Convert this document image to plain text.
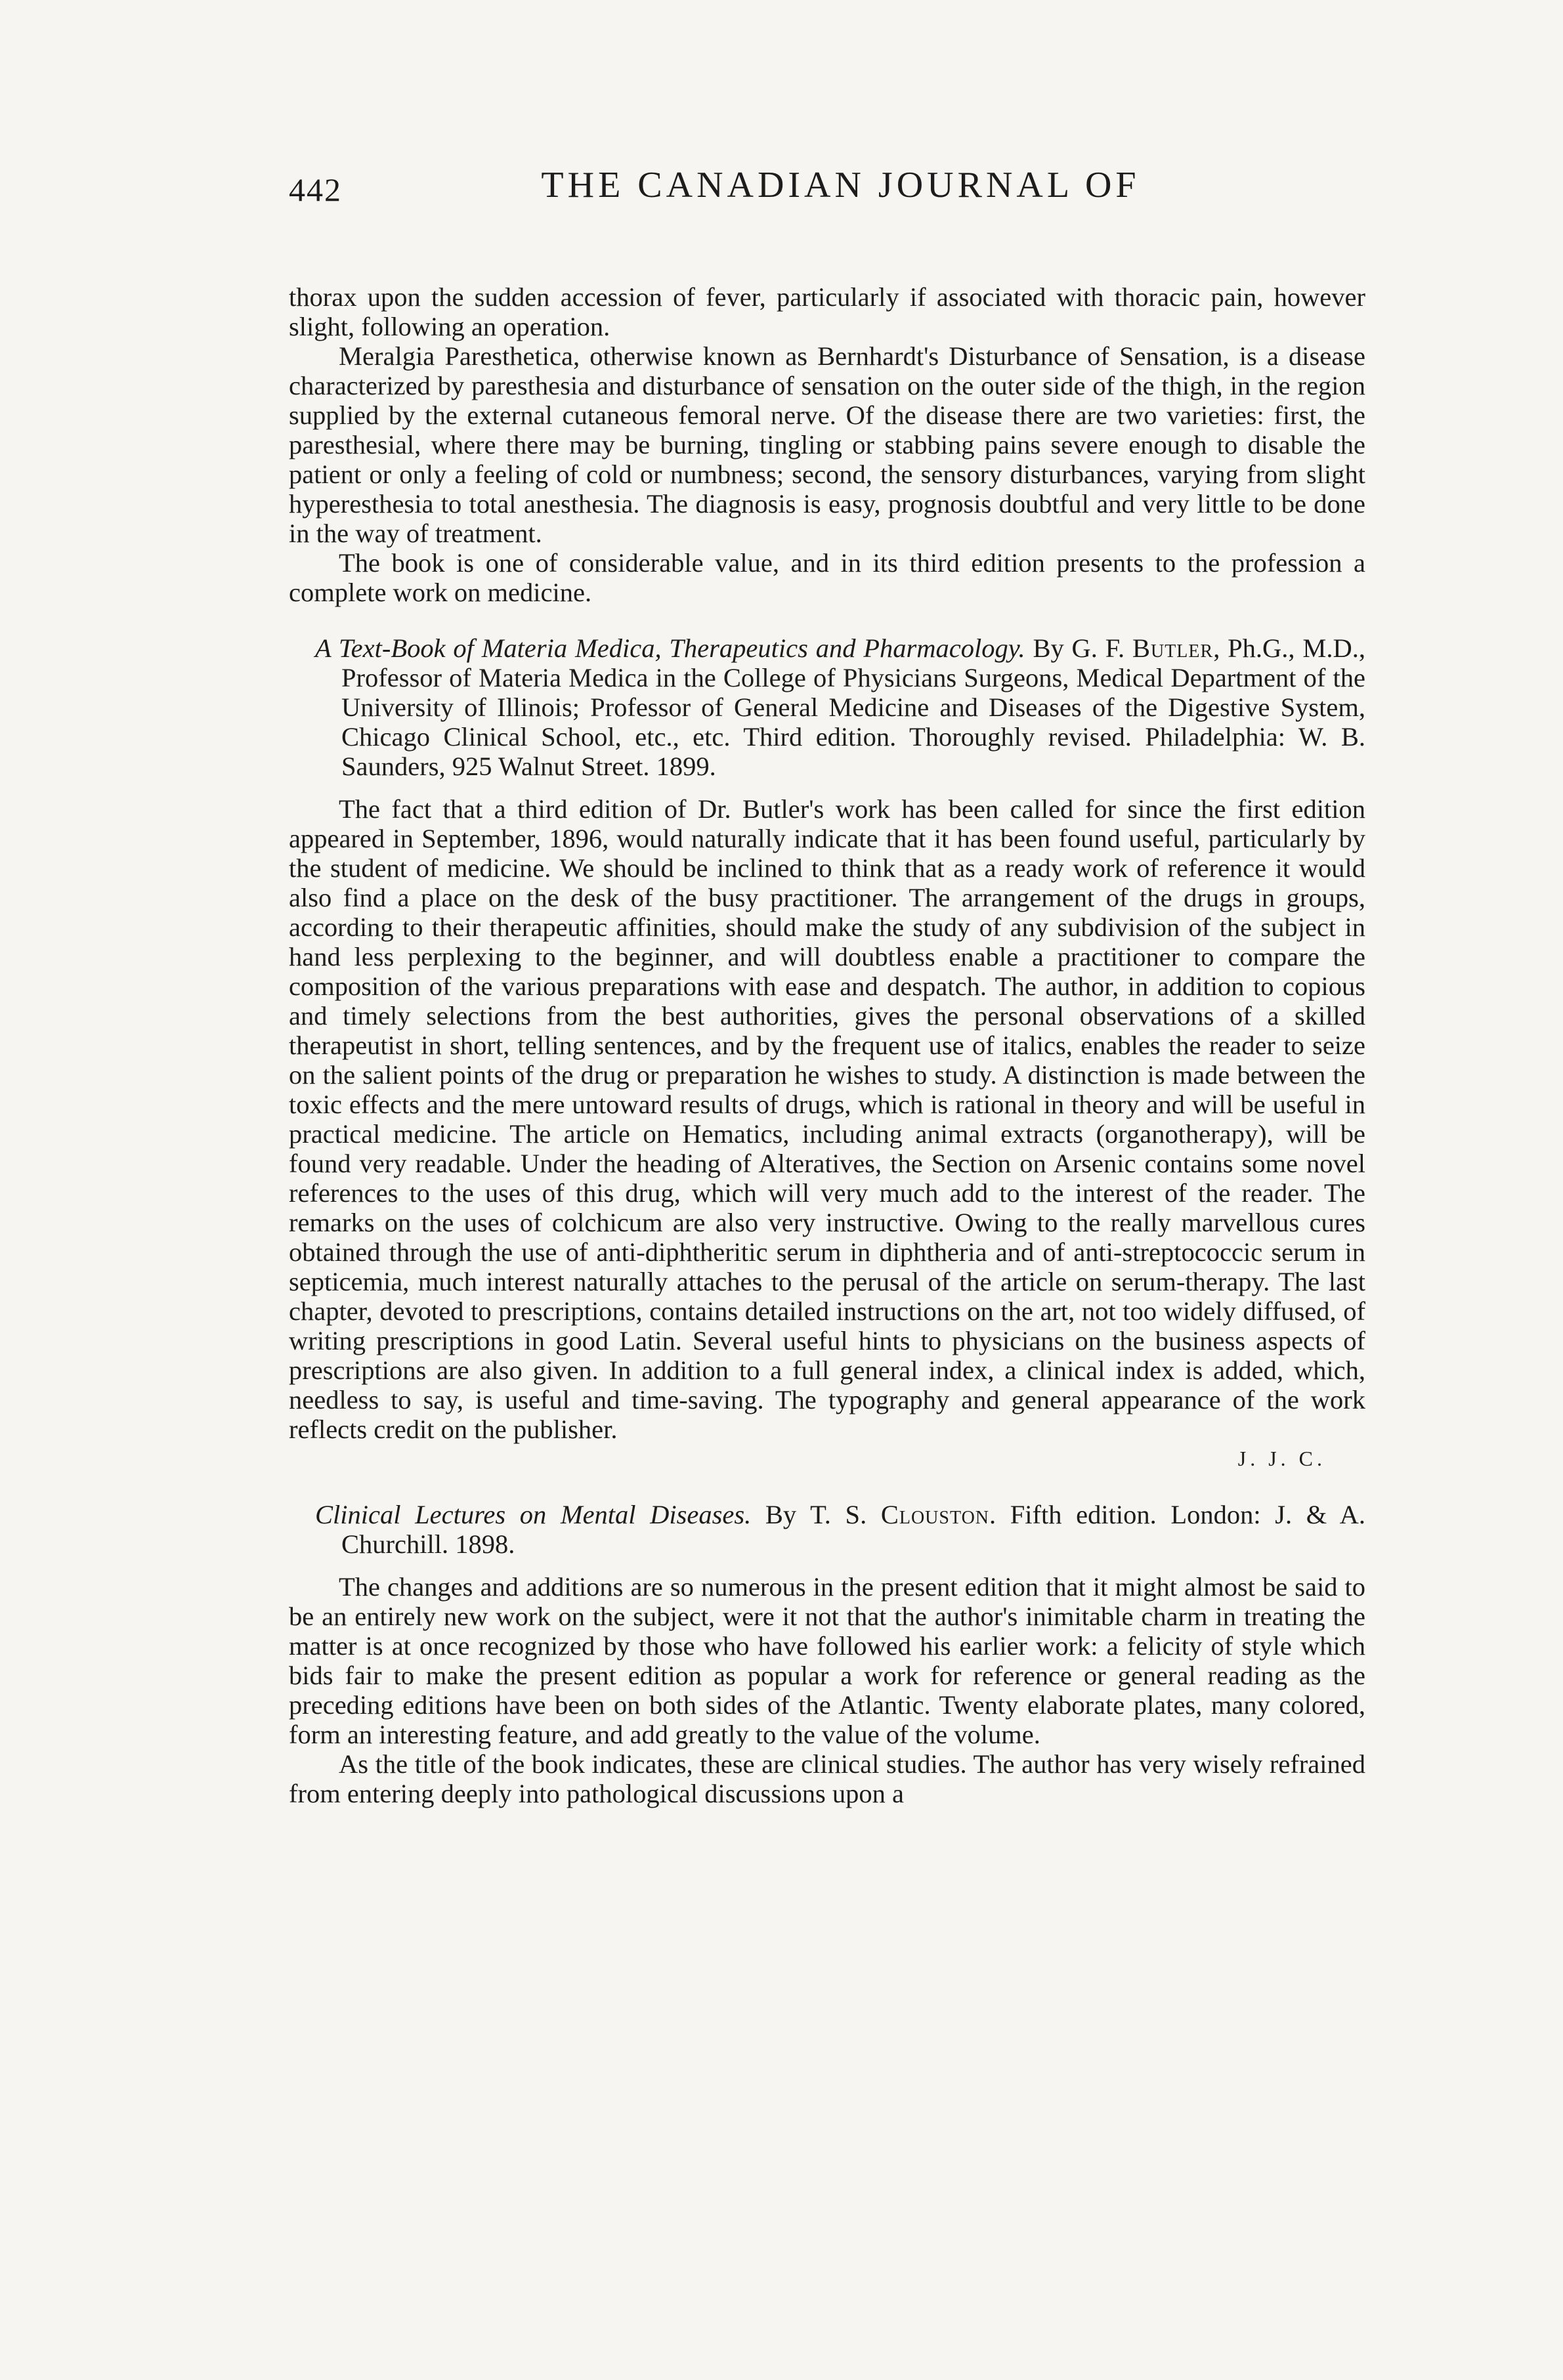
442	THE CANADIAN JOURNAL OF

thorax upon the sudden accession of fever, particularly if associated with thoracic pain, however slight, following an operation.

Meralgia Paresthetica, otherwise known as Bernhardt's Disturbance of Sensation, is a disease characterized by paresthesia and disturbance of sensation on the outer side of the thigh, in the region supplied by the external cutaneous femoral nerve. Of the disease there are two varieties: first, the paresthesial, where there may be burning, tingling or stabbing pains severe enough to disable the patient or only a feeling of cold or numbness; second, the sensory disturbances, varying from slight hyperesthesia to total anesthesia. The diagnosis is easy, prognosis doubtful and very little to be done in the way of treatment.

The book is one of considerable value, and in its third edition presents to the profession a complete work on medicine.

A Text-Book of Materia Medica, Therapeutics and Pharmacology. By G. F. Butler, Ph.G., M.D., Professor of Materia Medica in the College of Physicians Surgeons, Medical Department of the University of Illinois; Professor of General Medicine and Diseases of the Digestive System, Chicago Clinical School, etc., etc. Third edition. Thoroughly revised. Philadelphia: W. B. Saunders, 925 Walnut Street. 1899.

The fact that a third edition of Dr. Butler's work has been called for since the first edition appeared in September, 1896, would naturally indicate that it has been found useful, particularly by the student of medicine. We should be inclined to think that as a ready work of reference it would also find a place on the desk of the busy practitioner. The arrangement of the drugs in groups, according to their therapeutic affinities, should make the study of any subdivision of the subject in hand less perplexing to the beginner, and will doubtless enable a practitioner to compare the composition of the various preparations with ease and despatch. The author, in addition to copious and timely selections from the best authorities, gives the personal observations of a skilled therapeutist in short, telling sentences, and by the frequent use of italics, enables the reader to seize on the salient points of the drug or preparation he wishes to study. A distinction is made between the toxic effects and the mere untoward results of drugs, which is rational in theory and will be useful in practical medicine. The article on Hematics, including animal extracts (organotherapy), will be found very readable. Under the heading of Alteratives, the Section on Arsenic contains some novel references to the uses of this drug, which will very much add to the interest of the reader. The remarks on the uses of colchicum are also very instructive. Owing to the really marvellous cures obtained through the use of anti-diphtheritic serum in diphtheria and of anti-streptococcic serum in septicemia, much interest naturally attaches to the perusal of the article on serum-therapy. The last chapter, devoted to prescriptions, contains detailed instructions on the art, not too widely diffused, of writing prescriptions in good Latin. Several useful hints to physicians on the business aspects of prescriptions are also given. In addition to a full general index, a clinical index is added, which, needless to say, is useful and time-saving. The typography and general appearance of the work reflects credit on the publisher.

J. J. C.

Clinical Lectures on Mental Diseases. By T. S. Clouston. Fifth edition. London: J. & A. Churchill. 1898.

The changes and additions are so numerous in the present edition that it might almost be said to be an entirely new work on the subject, were it not that the author's inimitable charm in treating the matter is at once recognized by those who have followed his earlier work: a felicity of style which bids fair to make the present edition as popular a work for reference or general reading as the preceding editions have been on both sides of the Atlantic. Twenty elaborate plates, many colored, form an interesting feature, and add greatly to the value of the volume.

As the title of the book indicates, these are clinical studies. The author has very wisely refrained from entering deeply into pathological discussions upon a
